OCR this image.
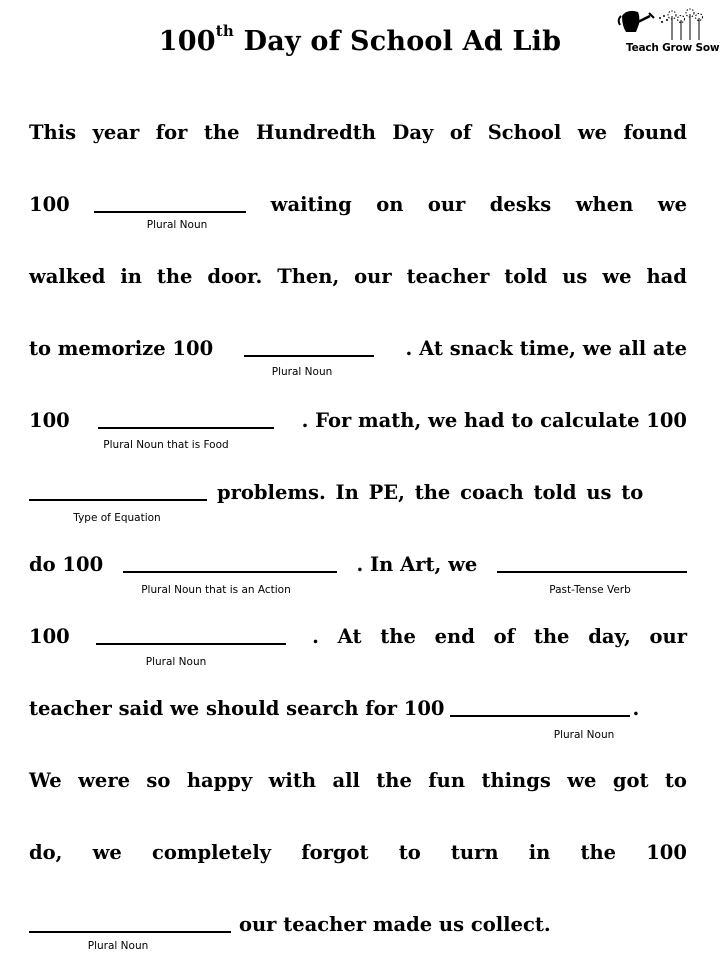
100th Day of School Ad Lib	Teach Grow Sow
This year for the Hundredth Day of School we found
100	waiting on our desks when we
Plural Noun
walked in the door. Then, our teacher told us we had
to memorize 100	. At snack time, we all ate
Plural Noun
100	. For math, we had to calculate 100
Plural Noun that is Food
problems. In PE, the coach told us to
Type of Equation
do 100	. In Art, we
Plural Noun that is an Action	Past-Tense Verb
100	. At the end of the day, our
Plural Noun
teacher said we should search for 100	.
Plural Noun
We were so happy with all the fun things we got to
do, we completely forgot to turn in the 100
our teacher made us collect.
Plural Noun
